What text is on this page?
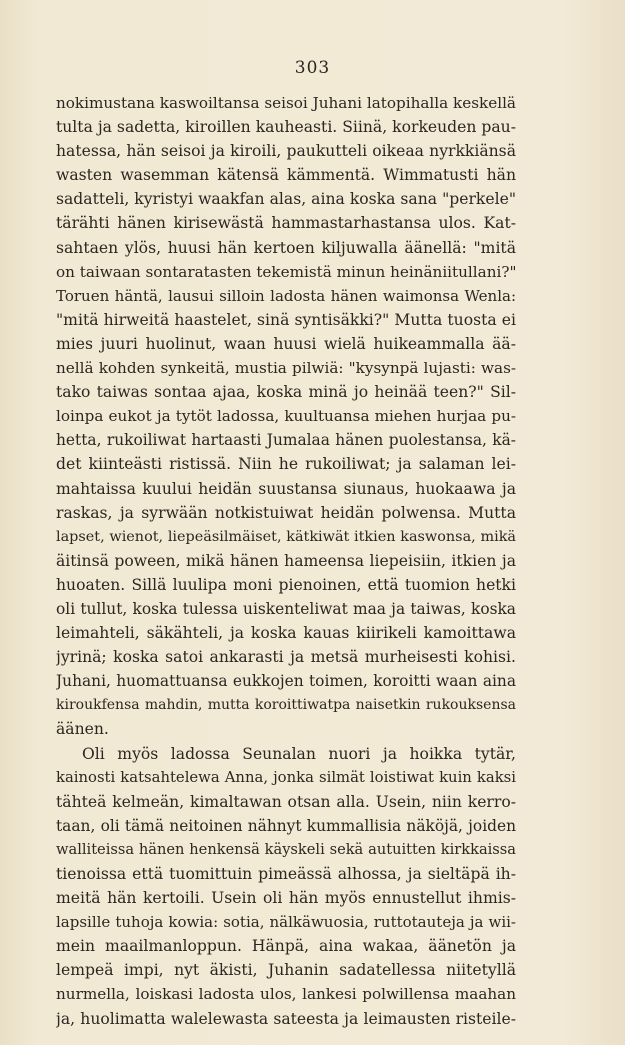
303
nokimustana kaswoiltansa seisoi Juhani latopihalla keskellä
tulta ja sadetta, kiroillen kauheasti. Siinä, korkeuden pau-
hatessa, hän seisoi ja kiroili, paukutteli oikeaa nyrkkiänsä
wasten wasemman kätensä kämmentä. Wimmatusti hän
sadatteli, kyristyi waakfan alas, aina koska sana "perkele"
tärähti hänen kirisewästä hammastarhastansa ulos. Kat-
sahtaen ylös, huusi hän kertoen kiljuwalla äänellä: "mitä
on taiwaan sontaratasten tekemistä minun heinäniitullani?"
Toruen häntä, lausui silloin ladosta hänen waimonsa Wenla:
"mitä hirweitä haastelet, sinä syntisäkki?" Mutta tuosta ei
mies juuri huolinut, waan huusi wielä huikeammalla ää-
nellä kohden synkeitä, mustia pilwiä: "kysynpä lujasti: was-
tako taiwas sontaa ajaa, koska minä jo heinää teen?" Sil-
loinpa eukot ja tytöt ladossa, kuultuansa miehen hurjaa pu-
hetta, rukoiliwat hartaasti Jumalaa hänen puolestansa, kä-
det kiinteästi ristissä. Niin he rukoiliwat; ja salaman lei-
mahtaissa kuului heidän suustansa siunaus, huokaawa ja
raskas, ja syrwään notkistuiwat heidän polwensa. Mutta
lapset, wienot, liepeäsilmäiset, kätkiwät itkien kaswonsa, mikä
äitinsä poween, mikä hänen hameensa liepeisiin, itkien ja
huoaten. Sillä luulipa moni pienoinen, että tuomion hetki
oli tullut, koska tulessa uiskenteliwat maa ja taiwas, koska
leimahteli, säkähteli, ja koska kauas kiirikeli kamoittawa
jyrinä; koska satoi ankarasti ja metsä murheisesti kohisi.
Juhani, huomattuansa eukkojen toimen, koroitti waan aina
kiroukfensa mahdin, mutta koroittiwatpa naisetkin rukouksensa
äänen.
Oli myös ladossa Seunalan nuori ja hoikka tytär,
kainosti katsahtelewa Anna, jonka silmät loistiwat kuin kaksi
tähteä kelmeän, kimaltawan otsan alla. Usein, niin kerro-
taan, oli tämä neitoinen nähnyt kummallisia näköjä, joiden
walliteissa hänen henkensä käyskeli sekä autuitten kirkkaissa
tienoissa että tuomittuin pimeässä alhossa, ja sieltäpä ih-
meitä hän kertoili. Usein oli hän myös ennustellut ihmis-
lapsille tuhoja kowia: sotia, nälkäwuosia, ruttotauteja ja wii-
mein maailmanloppun. Hänpä, aina wakaa, äänetön ja
lempeä impi, nyt äkisti, Juhanin sadatellessa niitetyllä
nurmella, loiskasi ladosta ulos, lankesi polwillensa maahan
ja, huolimatta walelewasta sateesta ja leimausten risteile-
